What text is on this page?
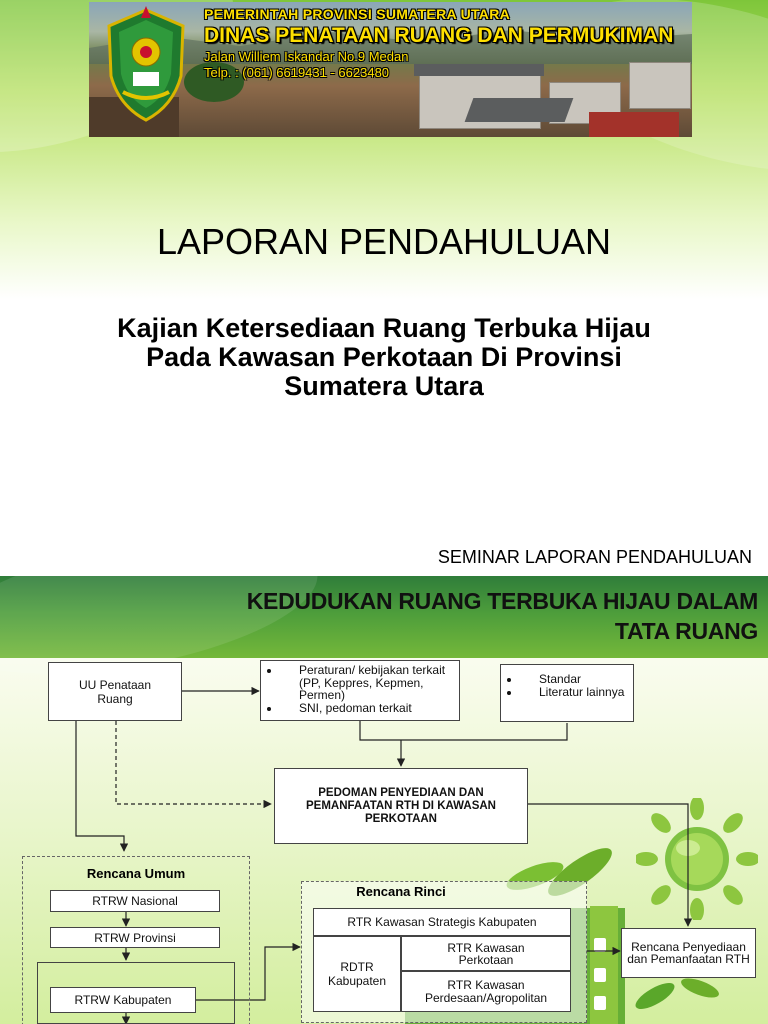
PEMERINTAH PROVINSI SUMATERA UTARA
DINAS PENATAAN RUANG DAN PERMUKIMAN
Jalan Williem Iskandar No.9 Medan
Telp. : (061) 6619431 - 6623480
LAPORAN PENDAHULUAN
Kajian Ketersediaan Ruang Terbuka Hijau Pada Kawasan Perkotaan Di Provinsi Sumatera Utara
SEMINAR LAPORAN PENDAHULUAN
KEDUDUKAN RUANG TERBUKA HIJAU DALAM
TATA RUANG
UU Penataan Ruang
• Peraturan/ kebijakan terkait (PP, Keppres, Kepmen, Permen)
• SNI, pedoman terkait
• Standar
• Literatur lainnya
PEDOMAN PENYEDIAAN DAN PEMANFAATAN RTH DI KAWASAN PERKOTAAN
Rencana Umum
RTRW Nasional
RTRW Provinsi
RTRW Kabupaten
Rencana Rinci
RTR Kawasan Strategis Kabupaten
RDTR Kabupaten
RTR Kawasan Perkotaan
RTR Kawasan Perdesaan/Agropolitan
Rencana Penyediaan dan Pemanfaatan RTH
